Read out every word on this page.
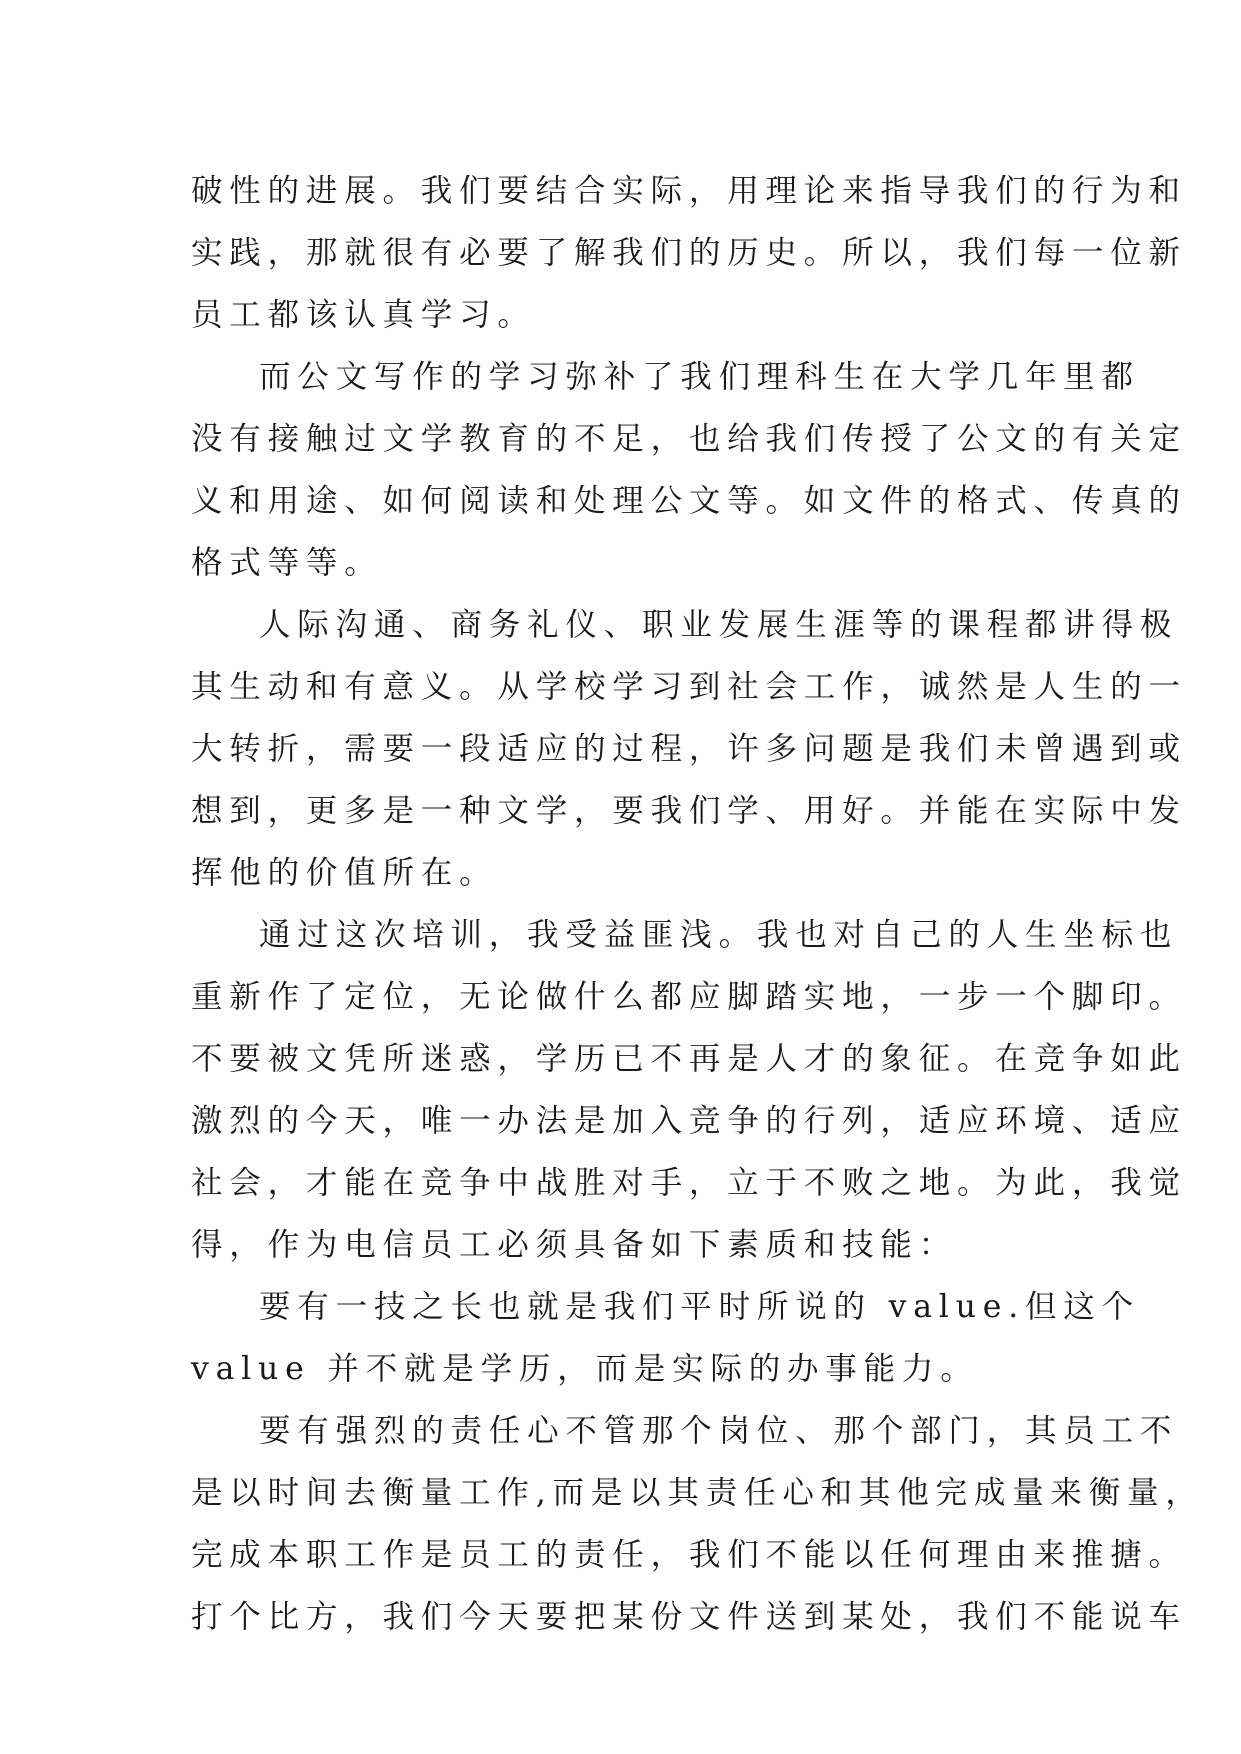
破性的进展。我们要结合实际，用理论来指导我们的行为和
实践，那就很有必要了解我们的历史。所以，我们每一位新
员工都该认真学习。
而公文写作的学习弥补了我们理科生在大学几年里都
没有接触过文学教育的不足，也给我们传授了公文的有关定
义和用途、如何阅读和处理公文等。如文件的格式、传真的
格式等等。
人际沟通、商务礼仪、职业发展生涯等的课程都讲得极
其生动和有意义。从学校学习到社会工作，诚然是人生的一
大转折，需要一段适应的过程，许多问题是我们未曾遇到或
想到，更多是一种文学，要我们学、用好。并能在实际中发
挥他的价值所在。
通过这次培训，我受益匪浅。我也对自己的人生坐标也
重新作了定位，无论做什么都应脚踏实地，一步一个脚印。
不要被文凭所迷惑，学历已不再是人才的象征。在竞争如此
激烈的今天，唯一办法是加入竞争的行列，适应环境、适应
社会，才能在竞争中战胜对手，立于不败之地。为此，我觉
得，作为电信员工必须具备如下素质和技能：
要有一技之长也就是我们平时所说的 value.但这个
value 并不就是学历，而是实际的办事能力。
要有强烈的责任心不管那个岗位、那个部门，其员工不
是以时间去衡量工作,而是以其责任心和其他完成量来衡量，
完成本职工作是员工的责任，我们不能以任何理由来推搪。
打个比方，我们今天要把某份文件送到某处，我们不能说车
